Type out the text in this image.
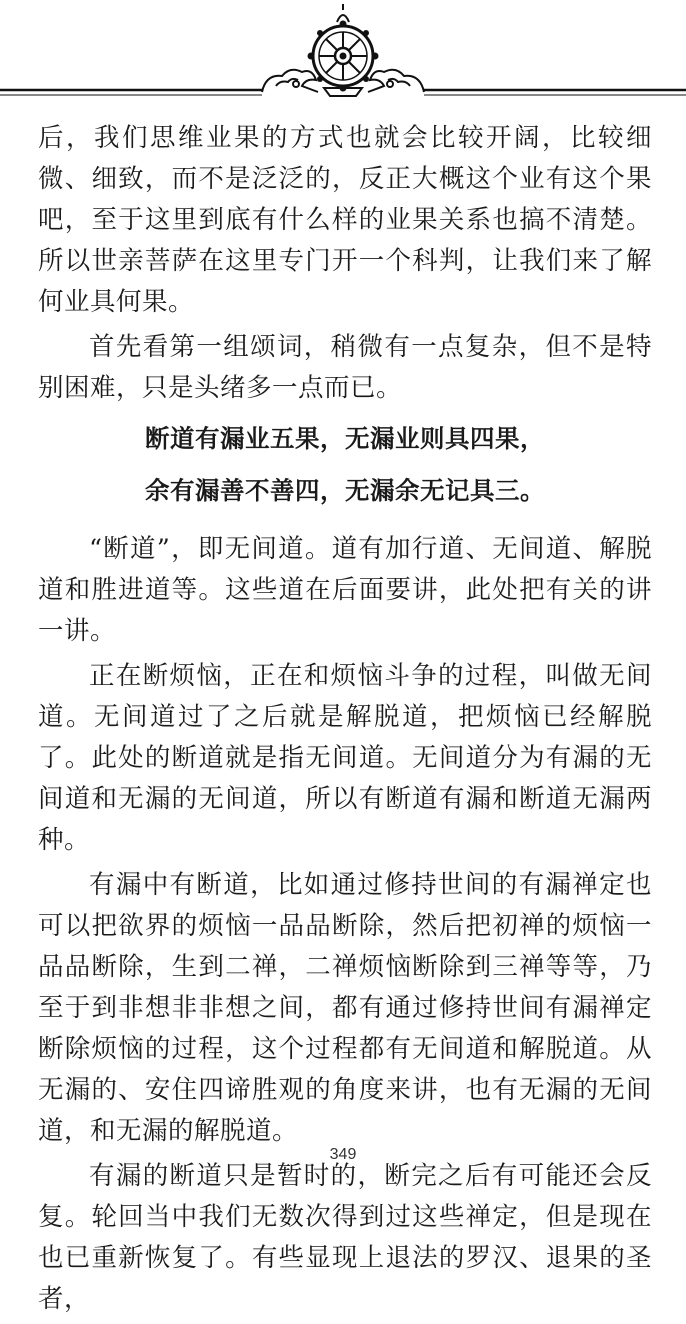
后，我们思维业果的方式也就会比较开阔，比较细微、细致，而不是泛泛的，反正大概这个业有这个果吧，至于这里到底有什么样的业果关系也搞不清楚。所以世亲菩萨在这里专门开一个科判，让我们来了解何业具何果。

首先看第一组颂词，稍微有一点复杂，但不是特别困难，只是头绪多一点而已。

断道有漏业五果，无漏业则具四果，
余有漏善不善四，无漏余无记具三。

“断道”，即无间道。道有加行道、无间道、解脱道和胜进道等。这些道在后面要讲，此处把有关的讲一讲。

正在断烦恼，正在和烦恼斗争的过程，叫做无间道。无间道过了之后就是解脱道，把烦恼已经解脱了。此处的断道就是指无间道。无间道分为有漏的无间道和无漏的无间道，所以有断道有漏和断道无漏两种。

有漏中有断道，比如通过修持世间的有漏禅定也可以把欲界的烦恼一品品断除，然后把初禅的烦恼一品品断除，生到二禅，二禅烦恼断除到三禅等等，乃至于到非想非非想之间，都有通过修持世间有漏禅定断除烦恼的过程，这个过程都有无间道和解脱道。从无漏的、安住四谛胜观的角度来讲，也有无漏的无间道，和无漏的解脱道。

有漏的断道只是暂时的，断完之后有可能还会反复。轮回当中我们无数次得到过这些禅定，但是现在也已重新恢复了。有些显现上退法的罗汉、退果的圣者，

349
